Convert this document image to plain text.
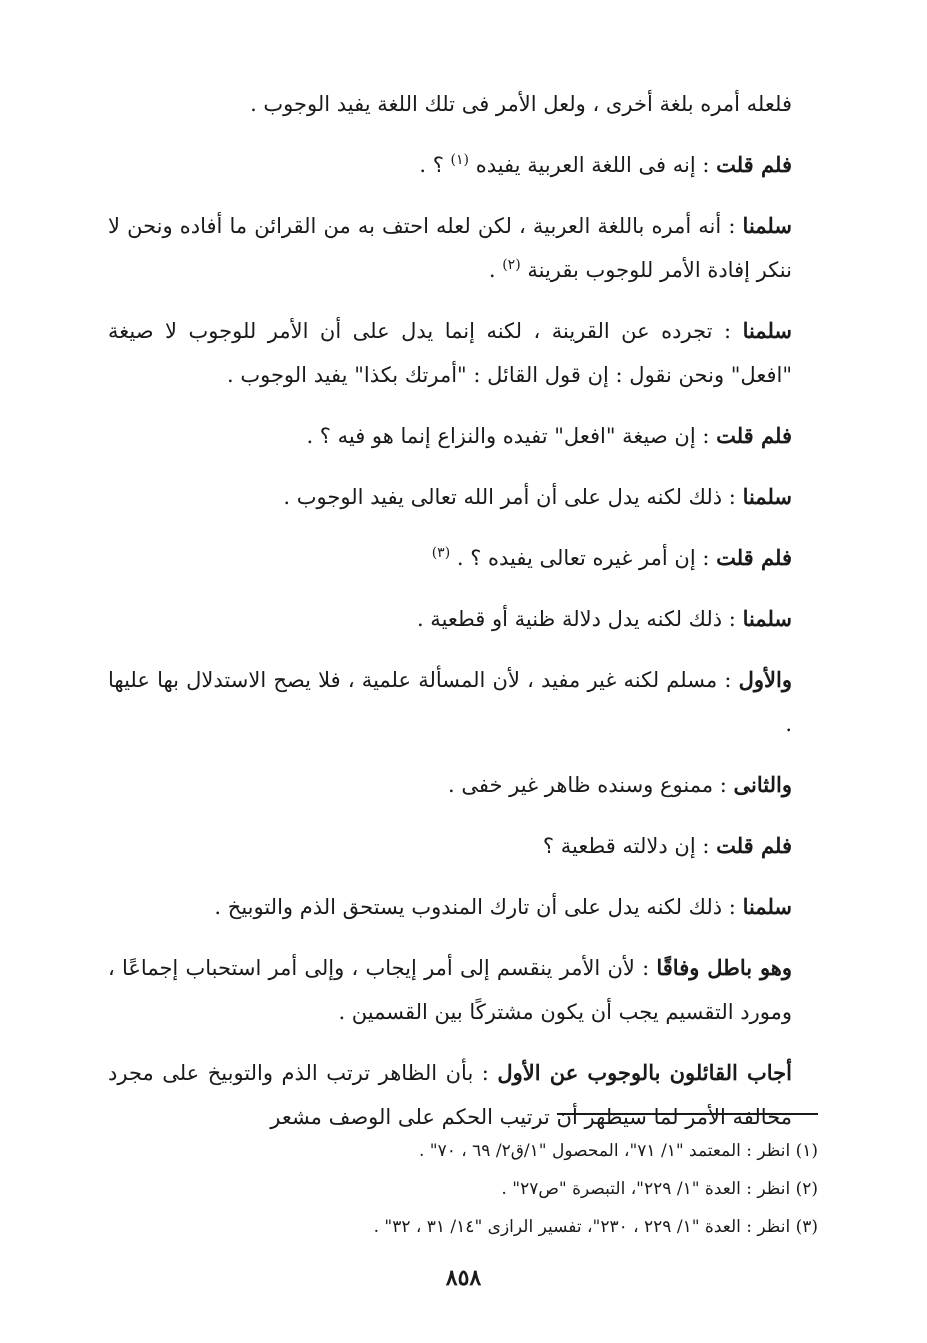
فلعله أمره بلغة أخرى ، ولعل الأمر فى تلك اللغة يفيد الوجوب .

فلم قلت : إنه فى اللغة العربية يفيده $^{(١)}$ ؟ .

سلمنا : أنه أمره باللغة العربية ، لكن لعله احتف به من القرائن ما أفاده ونحن لا ننكر إفادة الأمر للوجوب بقرينة $^{(٢)}$ .

سلمنا : تجرده عن القرينة ، لكنه إنما يدل على أن الأمر للوجوب لا صيغة "افعل" ونحن نقول : إن قول القائل : "أمرتك بكذا" يفيد الوجوب .

فلم قلت : إن صيغة "افعل" تفيده والنزاع إنما هو فيه ؟ .

سلمنا : ذلك لكنه يدل على أن أمر الله تعالى يفيد الوجوب .

فلم قلت : إن أمر غيره تعالى يفيده ؟ . $^{(٣)}$

سلمنا : ذلك لكنه يدل دلالة ظنية أو قطعية .

والأول : مسلم لكنه غير مفيد ، لأن المسألة علمية ، فلا يصح الاستدلال بها عليها .

والثانى : ممنوع وسنده ظاهر غير خفى .

فلم قلت : إن دلالته قطعية ؟

سلمنا : ذلك لكنه يدل على أن تارك المندوب يستحق الذم والتوبيخ .

وهو باطل وفاقًا : لأن الأمر ينقسم إلى أمر إيجاب ، وإلى أمر استحباب إجماعًا ، ومورد التقسيم يجب أن يكون مشتركًا بين القسمين .

أجاب القائلون بالوجوب عن الأول : بأن الظاهر ترتب الذم والتوبيخ على مجرد مخالفة الأمر لما سيظهر أن ترتيب الحكم على الوصف مشعر

(١) انظر : المعتمد "١/ ٧١"، المحصول "١/ق٢/ ٦٩ ، ٧٠" .
(٢) انظر : العدة "١/ ٢٢٩"، التبصرة "ص٢٧" .
(٣) انظر : العدة "١/ ٢٢٩ ، ٢٣٠"، تفسير الرازى "١٤/ ٣١ ، ٣٢" .
٨٥٨
